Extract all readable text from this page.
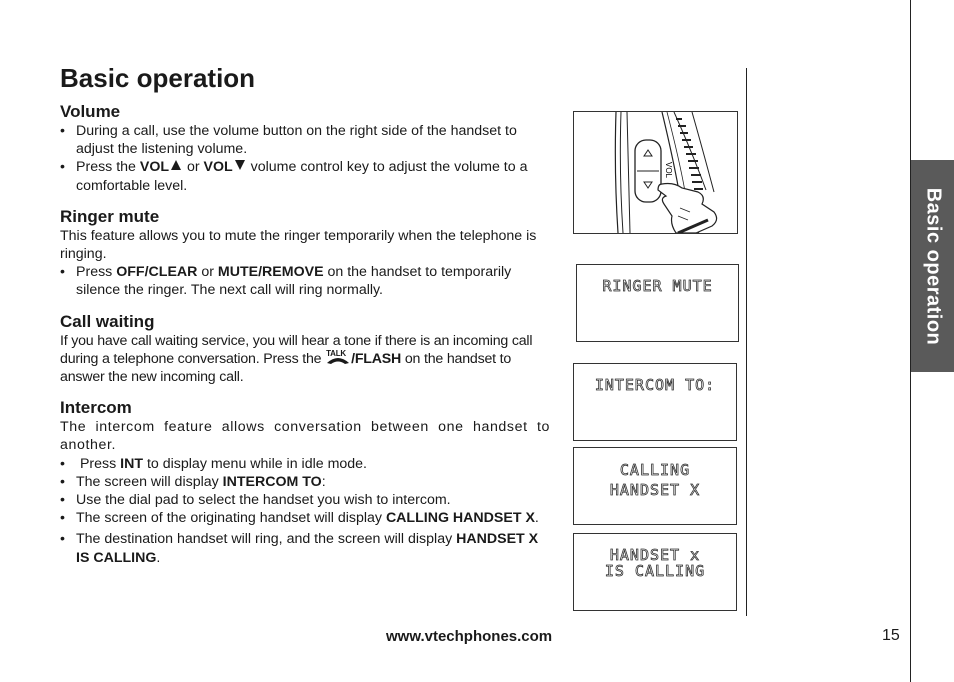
Basic operation
Basic operation
Volume
• During a call, use the volume button on the right side of the handset to adjust the listening volume.
• Press the VOL or VOL volume control key to adjust the volume to a comfortable level.
Ringer mute

This feature allows you to mute the ringer temporarily when the telephone is ringing.

• Press OFF/CLEAR or MUTE/REMOVE on the handset to temporarily silence the ringer. The next call will ring normally.
Call waiting

If you have call waiting service, you will hear a tone if there is an incoming call during a telephone conversation. Press the TALK /FLASH on the handset to answer the new incoming call.

Intercom

The intercom feature allows conversation between one handset to another.

• Press INT to display menu while in idle mode.
• The screen will display INTERCOM TO:
• Use the dial pad to select the handset you wish to intercom.
• The screen of the originating handset will display CALLING HANDSET X.
• The destination handset will ring, and the screen will display HANDSET X IS CALLING.
VOL
RINGER MUTE
INTERCOM TO:
CALLING
HANDSET X
HANDSET x
IS CALLING
www.vtechphones.com	15
